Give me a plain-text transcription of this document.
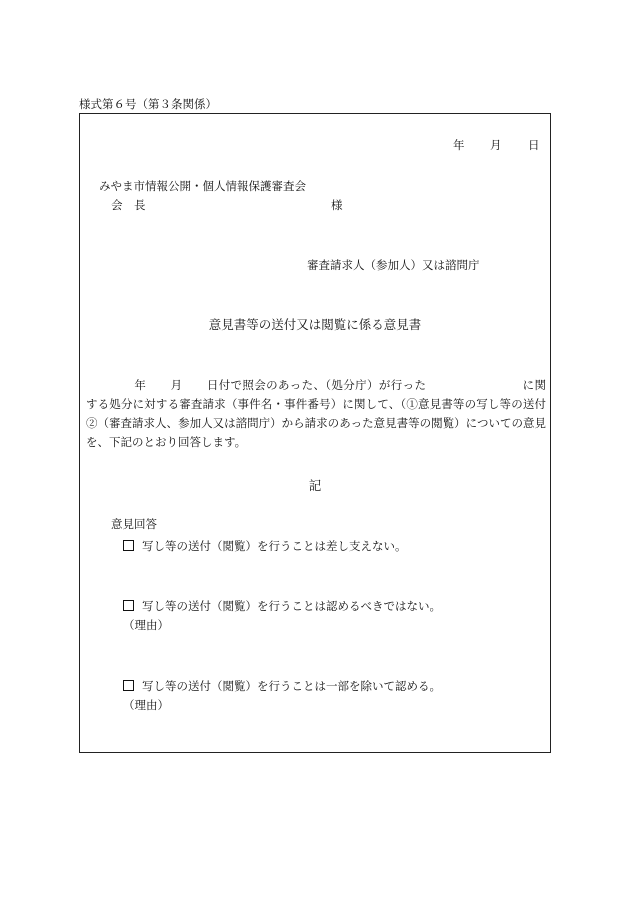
様式第６号（第３条関係）
年 月 日
みやま市情報公開・個人情報保護審査会
会　長	様
審査請求人（参加人）又は諮問庁
意見書等の送付又は閲覧に係る意見書
年 月 日付で照会のあった、（処分庁）が行った	に関する処分に対する審査請求（事件名・事件番号）に関して、（①意見書等の写し等の送付　②（審査請求人、参加人又は諮問庁）から請求のあった意見書等の閲覧）についての意見を、下記のとおり回答します。
記
意見回答
写し等の送付（閲覧）を行うことは差し支えない。
写し等の送付（閲覧）を行うことは認めるべきではない。
（理由）
写し等の送付（閲覧）を行うことは一部を除いて認める。
（理由）
